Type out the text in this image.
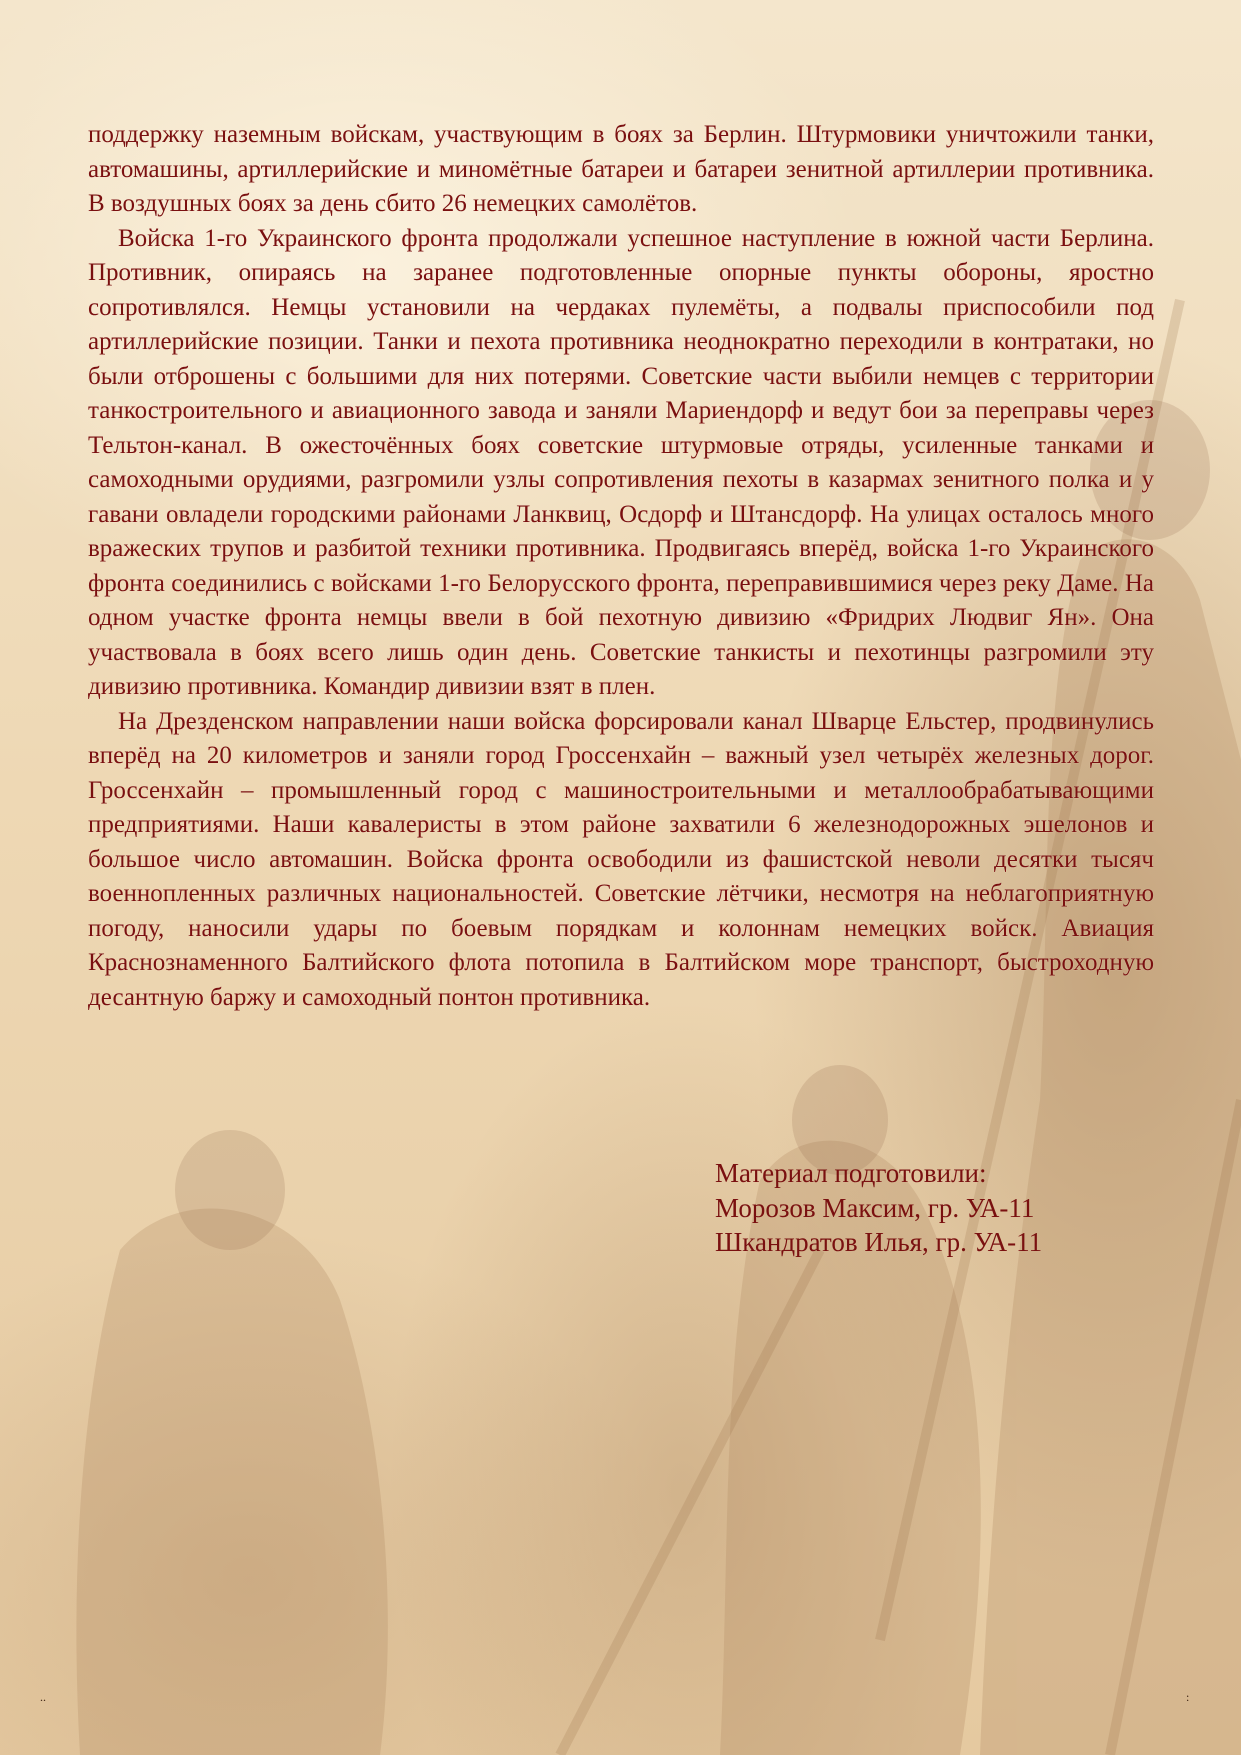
поддержку наземным войскам, участвующим в боях за Берлин. Штурмовики уничтожили танки, автомашины, артиллерийские и миномётные батареи и батареи зенитной артиллерии противника. В воздушных боях за день сбито 26 немецких самолётов.

Войска 1-го Украинского фронта продолжали успешное наступление в южной части Берлина. Противник, опираясь на заранее подготовленные опорные пункты обороны, яростно сопротивлялся. Немцы установили на чердаках пулемёты, а подвалы приспособили под артиллерийские позиции. Танки и пехота противника неоднократно переходили в контратаки, но были отброшены с большими для них потерями. Советские части выбили немцев с территории танкостроительного и авиационного завода и заняли Мариендорф и ведут бои за переправы через Тельтон-канал. В ожесточённых боях советские штурмовые отряды, усиленные танками и самоходными орудиями, разгромили узлы сопротивления пехоты в казармах зенитного полка и у гавани овладели городскими районами Ланквиц, Осдорф и Штансдорф. На улицах осталось много вражеских трупов и разбитой техники противника. Продвигаясь вперёд, войска 1-го Украинского фронта соединились с войсками 1-го Белорусского фронта, переправившимися через реку Даме. На одном участке фронта немцы ввели в бой пехотную дивизию «Фридрих Людвиг Ян». Она участвовала в боях всего лишь один день. Советские танкисты и пехотинцы разгромили эту дивизию противника. Командир дивизии взят в плен.

На Дрезденском направлении наши войска форсировали канал Шварце Ельстер, продвинулись вперёд на 20 километров и заняли город Гроссенхайн – важный узел четырёх железных дорог. Гроссенхайн – промышленный город с машиностроительными и металлообрабатывающими предприятиями. Наши кавалеристы в этом районе захватили 6 железнодорожных эшелонов и большое число автомашин. Войска фронта освободили из фашистской неволи десятки тысяч военнопленных различных национальностей. Советские лётчики, несмотря на неблагоприятную погоду, наносили удары по боевым порядкам и колоннам немецких войск. Авиация Краснознаменного Балтийского флота потопила в Балтийском море транспорт, быстроходную десантную баржу и самоходный понтон противника.

Материал подготовили:
Морозов Максим, гр. УА-11
Шкандратов Илья, гр. УА-11
..	:
